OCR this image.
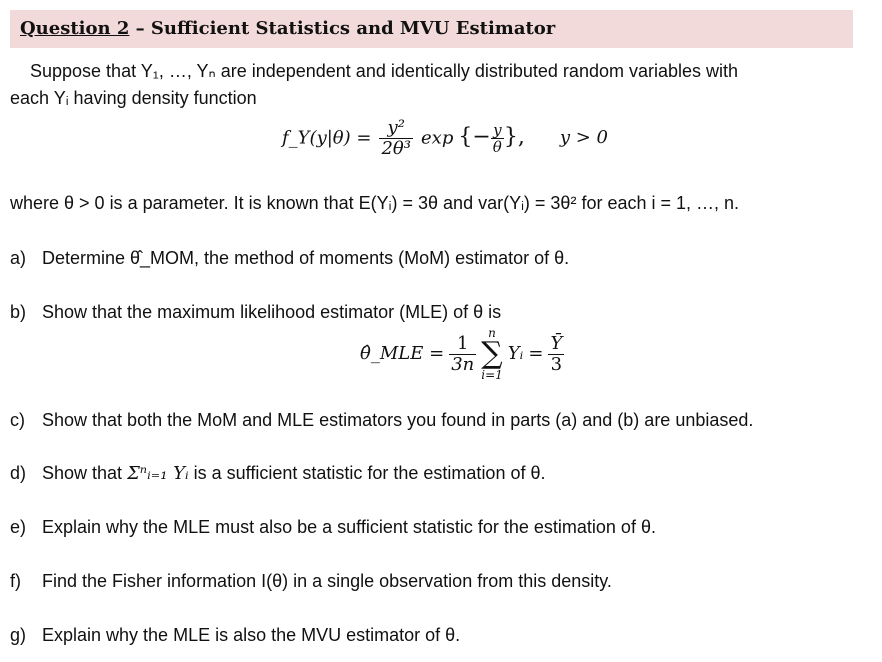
Question 2 – Sufficient Statistics and MVU Estimator
Suppose that Y₁, …, Yₙ are independent and identically distributed random variables with
each Yᵢ having density function
f_Y(y|θ) = $\frac{\text{y²}}{\text{2θ³}}$ exp {− $\frac{y}{\theta}$ }, y > 0
where θ > 0 is a parameter. It is known that E(Yᵢ) = 3θ and var(Yᵢ) = 3θ² for each i = 1, …, n.
a) Determine θ̂_MOM, the method of moments (MoM) estimator of θ.
b) Show that the maximum likelihood estimator (MLE) of θ is
θ̂_MLE = $\frac{1}{3n}$

n
∑
i=1
Yᵢ = $\frac{Ȳ}{3}$
c) Show that both the MoM and MLE estimators you found in parts (a) and (b) are unbiased.
d) Show that Σⁿᵢ₌₁ Yᵢ is a sufficient statistic for the estimation of θ.
e) Explain why the MLE must also be a sufficient statistic for the estimation of θ.
f) Find the Fisher information I(θ) in a single observation from this density.
g) Explain why the MLE is also the MVU estimator of θ.
